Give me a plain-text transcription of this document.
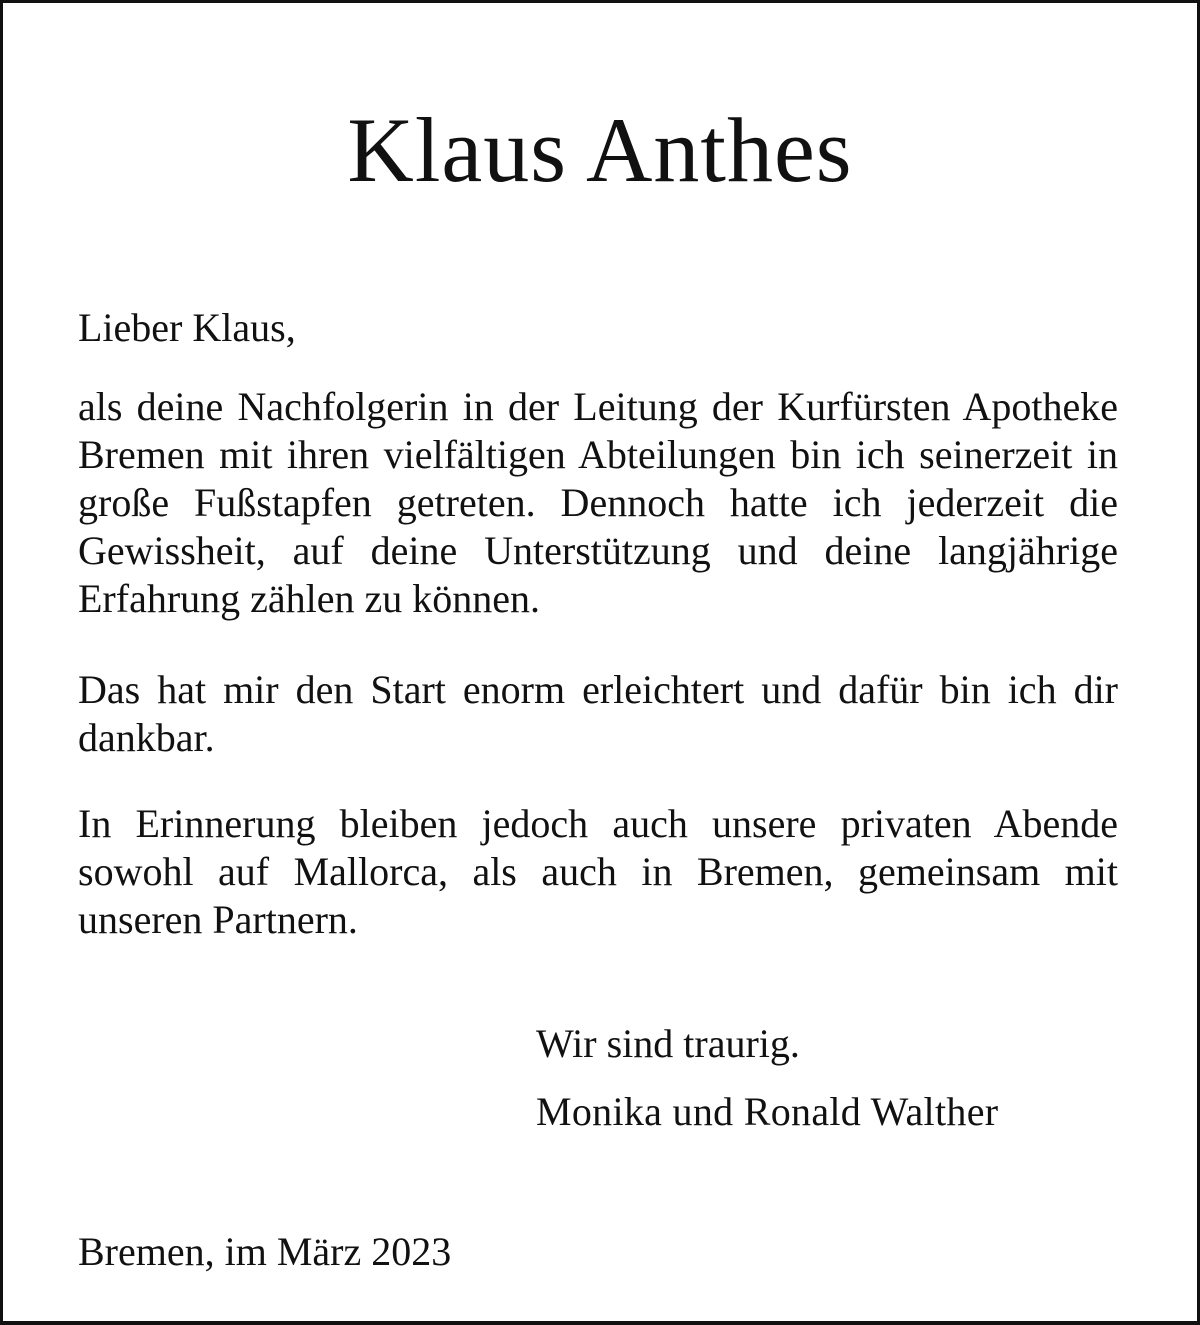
Klaus Anthes

Lieber Klaus,

als deine Nachfolgerin in der Leitung der Kurfürsten Apotheke Bremen mit ihren vielfältigen Abteilungen bin ich seinerzeit in große Fußstapfen getreten. Dennoch hatte ich jederzeit die Gewissheit, auf deine Unterstützung und deine langjährige Erfahrung zählen zu können.

Das hat mir den Start enorm erleichtert und dafür bin ich dir dankbar.

In Erinnerung bleiben jedoch auch unsere privaten Abende sowohl auf Mallorca, als auch in Bremen, gemeinsam mit unseren Partnern.

Wir sind traurig.

Monika und Ronald Walther

Bremen, im März 2023
